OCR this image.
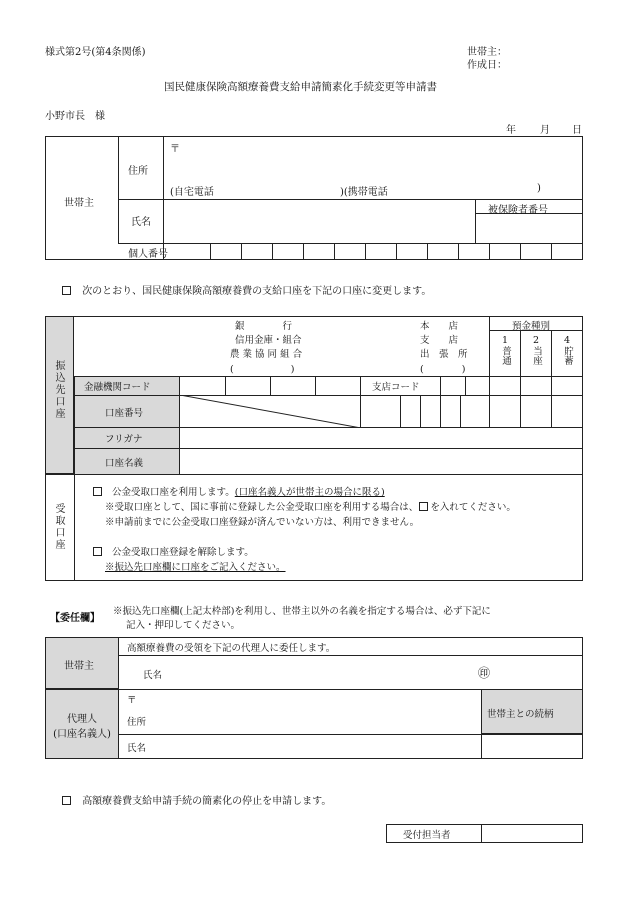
様式第2号(第4条関係)	世帯主：
作成日：
国民健康保険高額療養費支給申請簡素化手続変更等申請書
小野市長　様
年 月 日
世帯主
住所
〒
(自宅電話	)(携帯電話	)
氏名
被保険者番号
個人番号
次のとおり、国民健康保険高額療養費の支給口座を下記の口座に変更します。
振込先口座
銀　　　　行
信用金庫・組合
農 業 協 同 組 合
(　　　　　　)
本　　店
支　　店
出　張　所
(　　　　)
預金種別
1
普通
2
当座
4
貯蓄
金融機関コード	支店コード
口座番号
フリガナ
口座名義
受取口座
公金受取口座を利用します。(口座名義人が世帯主の場合に限る)
※受取口座として、国に事前に登録した公金受取口座を利用する場合は、 を入れてください。
※申請前までに公金受取口座登録が済んでいない方は、利用できません。
公金受取口座登録を解除します。
※振込先口座欄に口座をご記入ください。
【委任欄】
※振込先口座欄(上記太枠部)を利用し、世帯主以外の名義を指定する場合は、必ず下記に
記入・押印してください。
世帯主
代理人
(口座名義人)
高額療養費の受領を下記の代理人に委任します。
氏名	㊞
〒
住所
氏名
世帯主との続柄
高額療養費支給申請手続の簡素化の停止を申請します。
受付担当者
